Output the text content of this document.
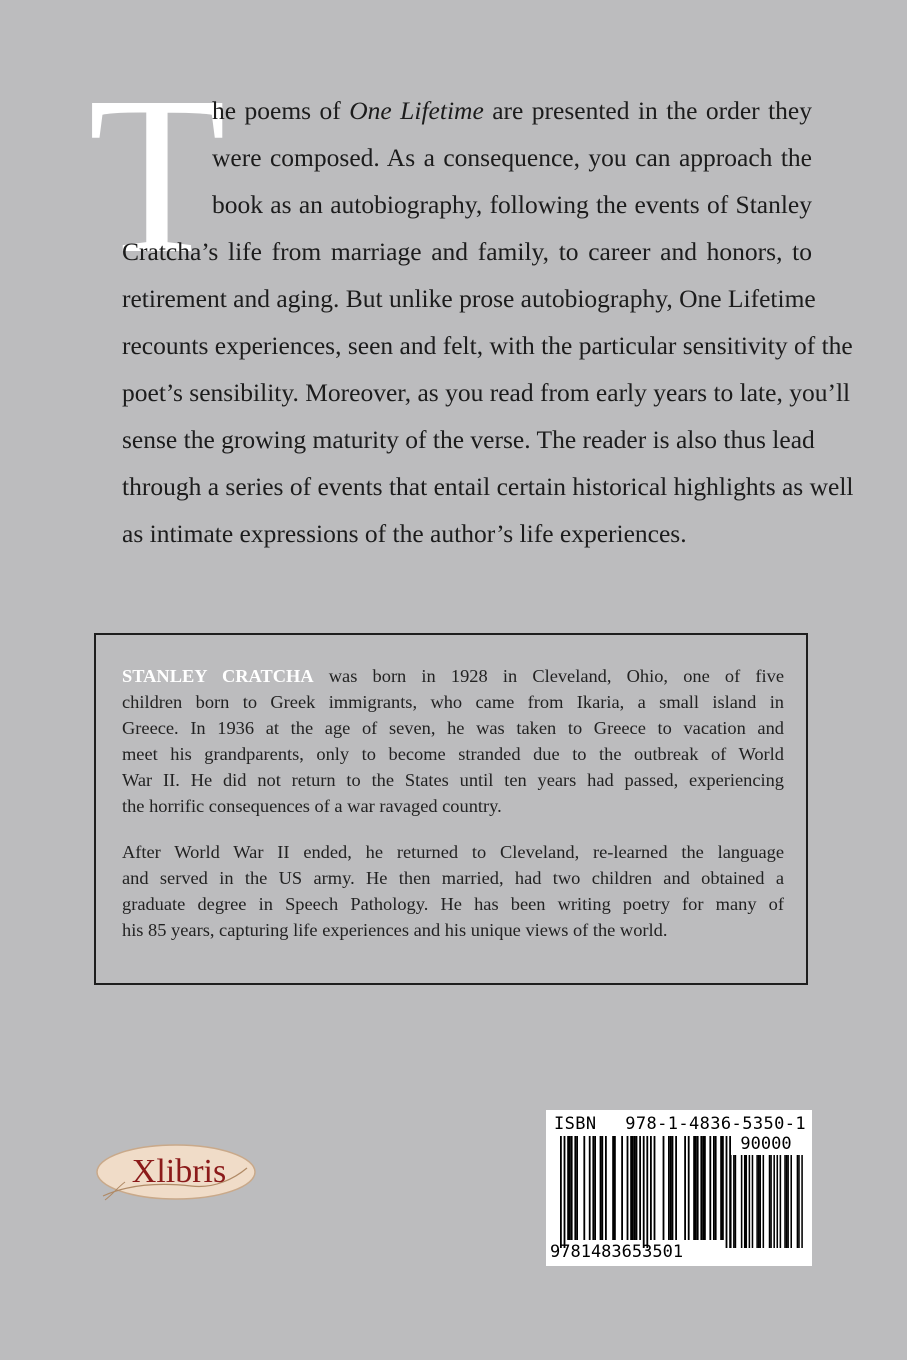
T
he poems of One Lifetime are presented in the order they
were composed. As a consequence, you can approach the
book as an autobiography, following the events of Stanley
Cratcha’s life from marriage and family, to career and honors, to
retirement and aging. But unlike prose autobiography, One Lifetime
recounts experiences, seen and felt, with the particular sensitivity of the
poet’s sensibility. Moreover, as you read from early years to late, you’ll
sense the growing maturity of the verse. The reader is also thus lead
through a series of events that entail certain historical highlights as well
as intimate expressions of the author’s life experiences.
STANLEY CRATCHA was born in 1928 in Cleveland, Ohio, one of five
children born to Greek immigrants, who came from Ikaria, a small island in
Greece. In 1936 at the age of seven, he was taken to Greece to vacation and
meet his grandparents, only to become stranded due to the outbreak of World
War II. He did not return to the States until ten years had passed, experiencing
the horrific consequences of a war ravaged country.
After World War II ended, he returned to Cleveland, re-learned the language
and served in the US army. He then married, had two children and obtained a
graduate degree in Speech Pathology. He has been writing poetry for many of
his 85 years, capturing life experiences and his unique views of the world.
Xlibris
ISBN 978-1-4836-5350-1
90000
9781483653501
